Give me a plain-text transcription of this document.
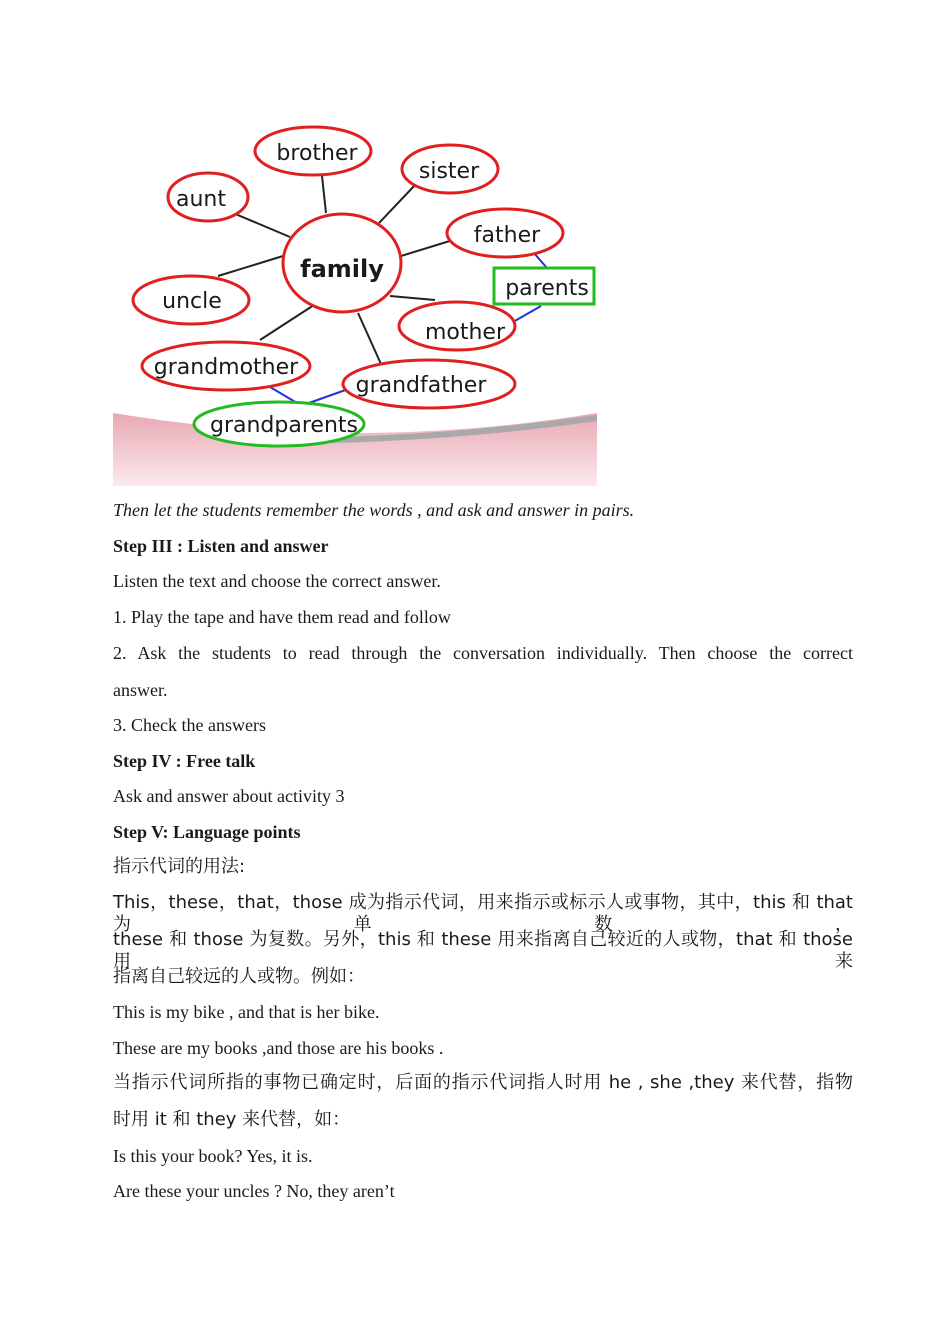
family
brother
sister
aunt
father
uncle
mother
grandmother
grandfather
parents
grandparents
Then let the students remember the words , and ask and answer in pairs.
Step III : Listen and answer
Listen the text and choose the correct answer.
1. Play the tape and have them read and follow
2. Ask the students to read through the conversation individually. Then choose the correct
answer.
3. Check the answers
Step IV : Free talk
Ask and answer about activity 3
Step V: Language points
指示代词的用法:
This，these，that，those 成为指示代词，用来指示或标示人或事物，其中，this 和 that 为单数，
these 和 those 为复数。另外，this 和 these 用来指离自己较近的人或物，that 和 those 用来
指离自己较远的人或物。例如：
This is my bike , and that is her bike.
These are my books ,and those are his books .
当指示代词所指的事物已确定时，后面的指示代词指人时用 he , she ,they 来代替，指物
时用 it 和 they 来代替，如：
Is this your book? Yes, it is.
Are these your uncles ? No, they aren’t
